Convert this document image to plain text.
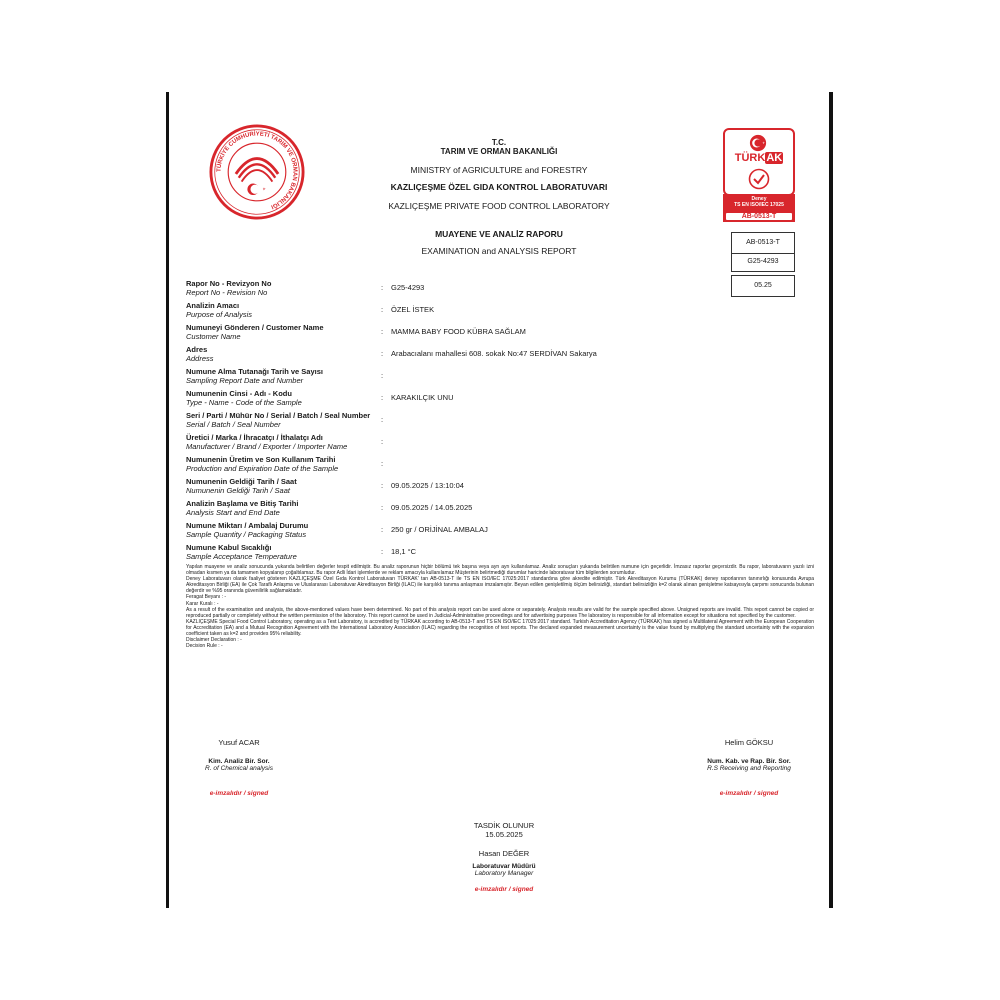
TÜRKİYE CUMHURİYETİ TARIM VE ORMAN BAKANLIĞI
T.C.
TARIM VE ORMAN BAKANLIĞI
MINISTRY of AGRICULTURE and FORESTRY
KAZLIÇEŞME ÖZEL GIDA KONTROL LABORATUVARI
KAZLIÇEŞME PRIVATE FOOD CONTROL LABORATORY
MUAYENE VE ANALİZ RAPORU
EXAMINATION and ANALYSIS REPORT
TÜRKAK
Deney
TS EN ISO/IEC 17025
AB-0513-T
AB-0513-T
G25-4293
05.25
Rapor No - Revizyon No
Report No - Revision No
: G25-4293
Analizin Amacı
Purpose of Analysis
: ÖZEL İSTEK
Numuneyi Gönderen / Customer Name
Customer Name
: MAMMA BABY FOOD KÜBRA SAĞLAM
Adres
Address
: Arabacıalanı mahallesi 608. sokak No:47 SERDİVAN Sakarya
Numune Alma Tutanağı Tarih ve Sayısı
Sampling Report Date and Number
:
Numunenin Cinsi - Adı - Kodu
Type - Name - Code of the Sample
: KARAKILÇIK UNU
Seri / Parti / Mühür No / Serial / Batch / Seal Number
Serial / Batch / Seal Number
:
Üretici / Marka / İhracatçı / İthalatçı Adı
Manufacturer / Brand / Exporter / Importer Name
:
Numunenin Üretim ve Son Kullanım Tarihi
Production and Expiration Date of the Sample
:
Numunenin Geldiği Tarih / Saat
Numunenin Geldiği Tarih / Saat
: 09.05.2025 / 13:10:04
Analizin Başlama ve Bitiş Tarihi
Analysis Start and End Date
: 09.05.2025 / 14.05.2025
Numune Miktarı / Ambalaj Durumu
Sample Quantity / Packaging Status
: 250 gr / ORİJİNAL AMBALAJ
Numune Kabul Sıcaklığı
Sample Acceptance Temperature
: 18,1 °C

Yapılan muayene ve analiz sonucunda yukarıda belirtilen değerler tespit edilmiştir. Bu analiz raporunun hiçbir bölümü tek başına veya ayrı ayrı kullanılamaz. Analiz sonuçları yukarıda belirtilen numune için geçerlidir. İmzasız raporlar geçersizdir. Bu rapor, laboratuvarın yazılı izni olmadan kısmen ya da tamamen kopyalanıp çoğaltılamaz. Bu rapor Adli İdari işlemlerde ve reklam amacıyla kullanılamaz Müşterinin belirtmediği durumlar haricinde laboratuvar tüm bilgilerden sorumludur.

Deney Laboratuvarı olarak faaliyet gösteren KAZLIÇEŞME Özel Gıda Kontrol Laboratuvarı TÜRKAK' tan AB-0513-T ile TS EN ISO/IEC 17025:2017 standardına göre akredite edilmiştir. Türk Akreditasyon Kurumu (TÜRKAK) deney raporlarının tanınırlığı konusunda Avrupa Akreditasyon Birliği (EA) ile Çok Taraflı Anlaşma ve Uluslararası Laboratuvar Akreditasyon Birliği (ILAC) ile karşılıklı tanıma anlaşması imzalamıştır. Beyan edilen genişletilmiş ölçüm belirsizliği, standart belirsizliğin k=2 olarak alınan genişletme katsayısıyla çarpımı sonucunda bulunan değerdir ve %95 oranında güvenilirlik sağlamaktadır.

Feragat Beyanı : -

Karar Kuralı : -

As a result of the examination and analysis, the above-mentioned values have been determined. No part of this analysis report can be used alone or separately. Analysis results are valid for the sample specified above. Unsigned reports are invalid. This report cannot be copied or reproduced partially or completely without the written permission of the laboratory. This report cannot be used in Judicial-Administrative proceedings and for advertising purposes The laboratory is responsible for all information except for situations not specified by the customer.

KAZLIÇEŞME Special Food Control Laboratory, operating as a Test Laboratory, is accredited by TÜRKAK according to AB-0513-T and TS EN ISO/IEC 17025:2017 standard. Turkish Accreditation Agency (TÜRKAK) has signed a Multilateral Agreement with the European Cooperation for Accreditation (EA) and a Mutual Recognition Agreement with the International Laboratory Association (ILAC) regarding the recognition of test reports. The declared expanded measurement uncertainty is the value found by multiplying the standard uncertainty with the expansion coefficient taken as k=2 and provides 95% reliability.

Disclaimer Declaration : -

Decision Rule : -

Yusuf ACAR
Kim. Analiz Bir. Sor.
R. of Chemical analysis
e-imzalıdır / signed
Helim GÖKSU
Num. Kab. ve Rap. Bir. Sor.
R.S Receiving and Reporting
e-imzalıdır / signed
TASDİK OLUNUR
15.05.2025
Hasan DEĞER
Laboratuvar Müdürü
Laboratory Manager
e-imzalıdır / signed
